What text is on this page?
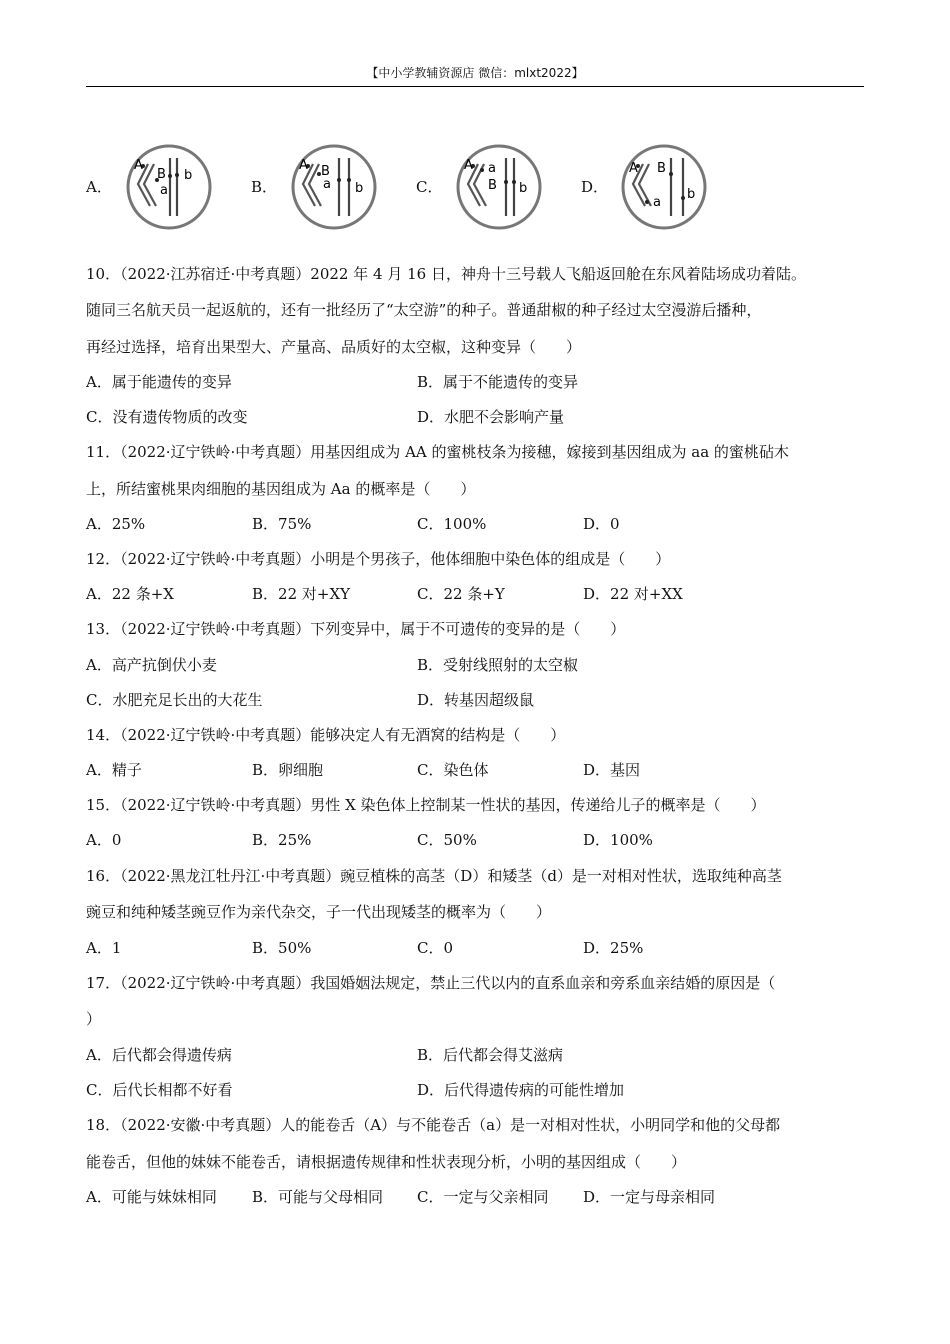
【中小学教辅资源店 微信：mlxt2022】
A．
A
B
a
b
B．
A B
a b	C．
A a
B b	D．
A B
a
b
10．（2022·江苏宿迁·中考真题）2022 年 4 月 16 日，神舟十三号载人飞船返回舱在东风着陆场成功着陆。
随同三名航天员一起返航的，还有一批经历了“太空游”的种子。普通甜椒的种子经过太空漫游后播种，
再经过选择，培育出果型大、产量高、品质好的太空椒，这种变异（　　）
A．属于能遗传的变异	B．属于不能遗传的变异
C．没有遗传物质的改变	D．水肥不会影响产量
11．（2022·辽宁铁岭·中考真题）用基因组成为 AA 的蜜桃枝条为接穗，嫁接到基因组成为 aa 的蜜桃砧木
上，所结蜜桃果肉细胞的基因组成为 Aa 的概率是（　　）
A．25%	B．75%	C．100%	D．0
12．（2022·辽宁铁岭·中考真题）小明是个男孩子，他体细胞中染色体的组成是（　　）
A．22 条+X	B．22 对+XY	C．22 条+Y	D．22 对+XX
13．（2022·辽宁铁岭·中考真题）下列变异中，属于不可遗传的变异的是（　　）
A．高产抗倒伏小麦	B．受射线照射的太空椒
C．水肥充足长出的大花生	D．转基因超级鼠
14．（2022·辽宁铁岭·中考真题）能够决定人有无酒窝的结构是（　　）
A．精子	B．卵细胞	C．染色体	D．基因
15．（2022·辽宁铁岭·中考真题）男性 X 染色体上控制某一性状的基因，传递给儿子的概率是（　　）
A．0	B．25%	C．50%	D．100%
16．（2022·黑龙江牡丹江·中考真题）豌豆植株的高茎（D）和矮茎（d）是一对相对性状，选取纯种高茎
豌豆和纯种矮茎豌豆作为亲代杂交，子一代出现矮茎的概率为（　　）
A．1	B．50%	C．0	D．25%
17．（2022·辽宁铁岭·中考真题）我国婚姻法规定，禁止三代以内的直系血亲和旁系血亲结婚的原因是（
）
A．后代都会得遗传病	B．后代都会得艾滋病
C．后代长相都不好看	D．后代得遗传病的可能性增加
18．（2022·安徽·中考真题）人的能卷舌（A）与不能卷舌（a）是一对相对性状，小明同学和他的父母都
能卷舌，但他的妹妹不能卷舌，请根据遗传规律和性状表现分析，小明的基因组成（　　）
A．可能与妹妹相同 B．可能与父母相同 C．一定与父亲相同 D．一定与母亲相同
